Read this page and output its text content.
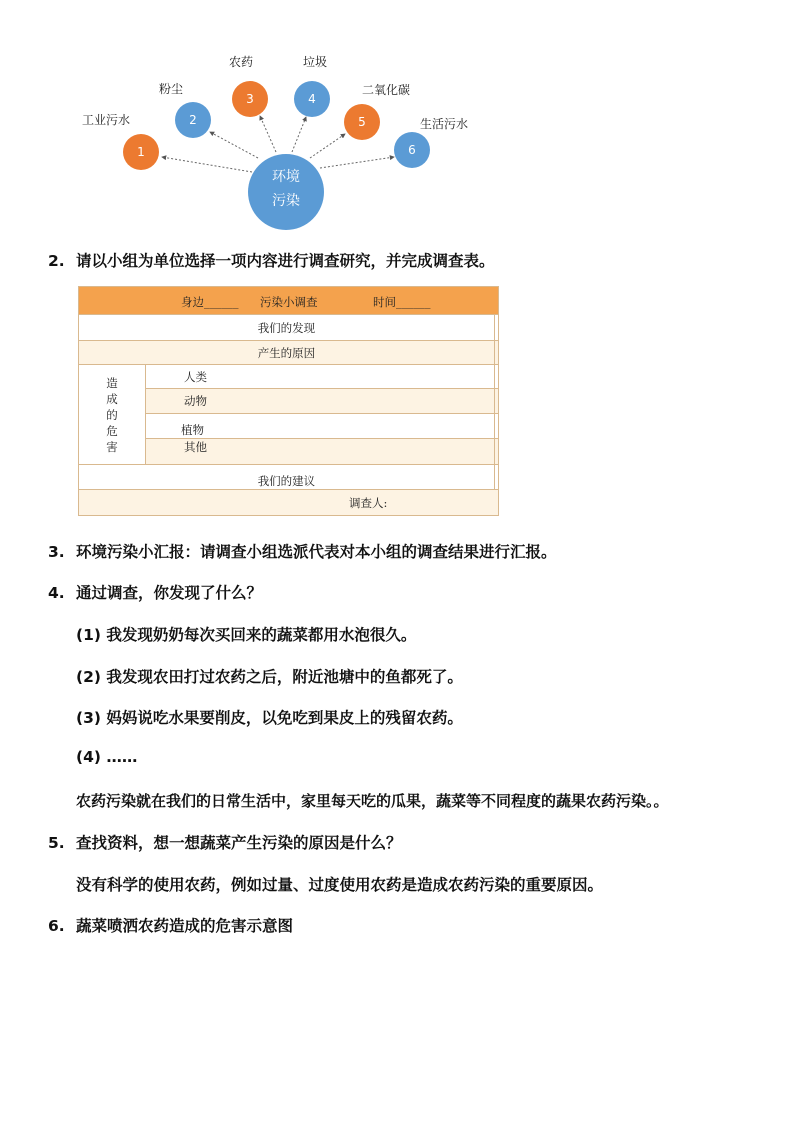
1
2
3	4
5
6
环境
污染
工业污水
粉尘
农药	垃圾
二氧化碳
生活污水
2. 请以小组为单位选择一项内容进行调查研究，并完成调查表。
身边______ 污染小调查 时间______		

我们的发现		
产生的原因		

造
成
的
危
害	人类	
	动物	
	植物	
	其他	
我们的建议		
调查人:		
3. 环境污染小汇报：请调查小组选派代表对本小组的调查结果进行汇报。
4. 通过调查，你发现了什么？
(1) 我发现奶奶每次买回来的蔬菜都用水泡很久。
(2) 我发现农田打过农药之后，附近池塘中的鱼都死了。
(3) 妈妈说吃水果要削皮，以免吃到果皮上的残留农药。
(4) ……
农药污染就在我们的日常生活中，家里每天吃的瓜果，蔬菜等不同程度的蔬果农药污染。。
5. 查找资料，想一想蔬菜产生污染的原因是什么？
没有科学的使用农药，例如过量、过度使用农药是造成农药污染的重要原因。
6. 蔬菜喷洒农药造成的危害示意图
